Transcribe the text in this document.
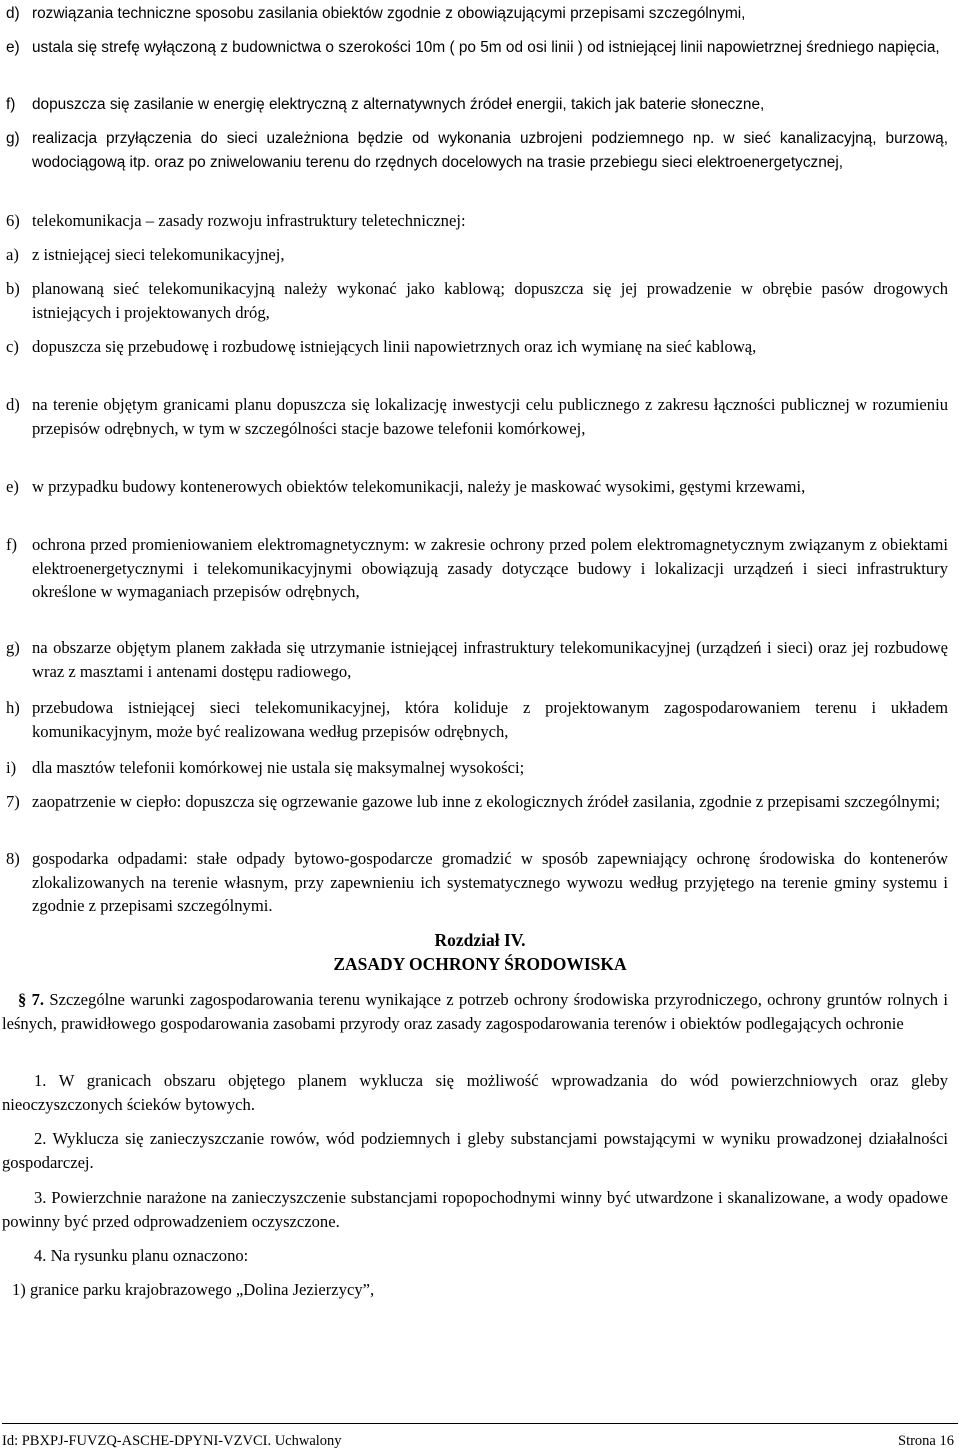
d) rozwiązania techniczne sposobu zasilania obiektów zgodnie z obowiązującymi przepisami szczególnymi,
e) ustala się strefę wyłączoną z budownictwa o szerokości 10m ( po 5m od osi linii ) od istniejącej linii napowietrznej średniego napięcia,
f) dopuszcza się zasilanie w energię elektryczną z alternatywnych źródeł energii, takich jak baterie słoneczne,
g) realizacja przyłączenia do sieci uzależniona będzie od wykonania uzbrojeni podziemnego np. w sieć kanalizacyjną, burzową, wodociągową itp. oraz po zniwelowaniu terenu do rzędnych docelowych na trasie przebiegu sieci elektroenergetycznej,
6) telekomunikacja – zasady rozwoju infrastruktury teletechnicznej:
a) z istniejącej sieci telekomunikacyjnej,
b) planowaną sieć telekomunikacyjną należy wykonać jako kablową; dopuszcza się jej prowadzenie w obrębie pasów drogowych istniejących i projektowanych dróg,
c) dopuszcza się przebudowę i rozbudowę istniejących linii napowietrznych oraz ich wymianę na sieć kablową,
d) na terenie objętym granicami planu dopuszcza się lokalizację inwestycji celu publicznego z zakresu łączności publicznej w rozumieniu przepisów odrębnych, w tym w szczególności stacje bazowe telefonii komórkowej,
e) w przypadku budowy kontenerowych obiektów telekomunikacji, należy je maskować wysokimi, gęstymi krzewami,
f) ochrona przed promieniowaniem elektromagnetycznym: w zakresie ochrony przed polem elektromagnetycznym związanym z obiektami elektroenergetycznymi i telekomunikacyjnymi obowiązują zasady dotyczące budowy i lokalizacji urządzeń i sieci infrastruktury określone w wymaganiach przepisów odrębnych,
g) na obszarze objętym planem zakłada się utrzymanie istniejącej infrastruktury telekomunikacyjnej (urządzeń i sieci) oraz jej rozbudowę wraz z masztami i antenami dostępu radiowego,
h) przebudowa istniejącej sieci telekomunikacyjnej, która koliduje z projektowanym zagospodarowaniem terenu i układem komunikacyjnym, może być realizowana według przepisów odrębnych,
i) dla masztów telefonii komórkowej nie ustala się maksymalnej wysokości;
7) zaopatrzenie w ciepło: dopuszcza się ogrzewanie gazowe lub inne z ekologicznych źródeł zasilania, zgodnie z przepisami szczególnymi;
8) gospodarka odpadami: stałe odpady bytowo-gospodarcze gromadzić w sposób zapewniający ochronę środowiska do kontenerów zlokalizowanych na terenie własnym, przy zapewnieniu ich systematycznego wywozu według przyjętego na terenie gminy systemu i zgodnie z przepisami szczególnymi.
Rozdział IV.
ZASADY OCHRONY ŚRODOWISKA
§ 7. Szczególne warunki zagospodarowania terenu wynikające z potrzeb ochrony środowiska przyrodniczego, ochrony gruntów rolnych i leśnych, prawidłowego gospodarowania zasobami przyrody oraz zasady zagospodarowania terenów i obiektów podlegających ochronie
1. W granicach obszaru objętego planem wyklucza się możliwość wprowadzania do wód powierzchniowych oraz gleby nieoczyszczonych ścieków bytowych.
2. Wyklucza się zanieczyszczanie rowów, wód podziemnych i gleby substancjami powstającymi w wyniku prowadzonej działalności gospodarczej.
3. Powierzchnie narażone na zanieczyszczenie substancjami ropopochodnymi winny być utwardzone i skanalizowane, a wody opadowe powinny być przed odprowadzeniem oczyszczone.
4. Na rysunku planu oznaczono:
1) granice parku krajobrazowego „Dolina Jezierzycy”,
Id: PBXPJ-FUVZQ-ASCHE-DPYNI-VZVCI. Uchwalony	Strona 16
